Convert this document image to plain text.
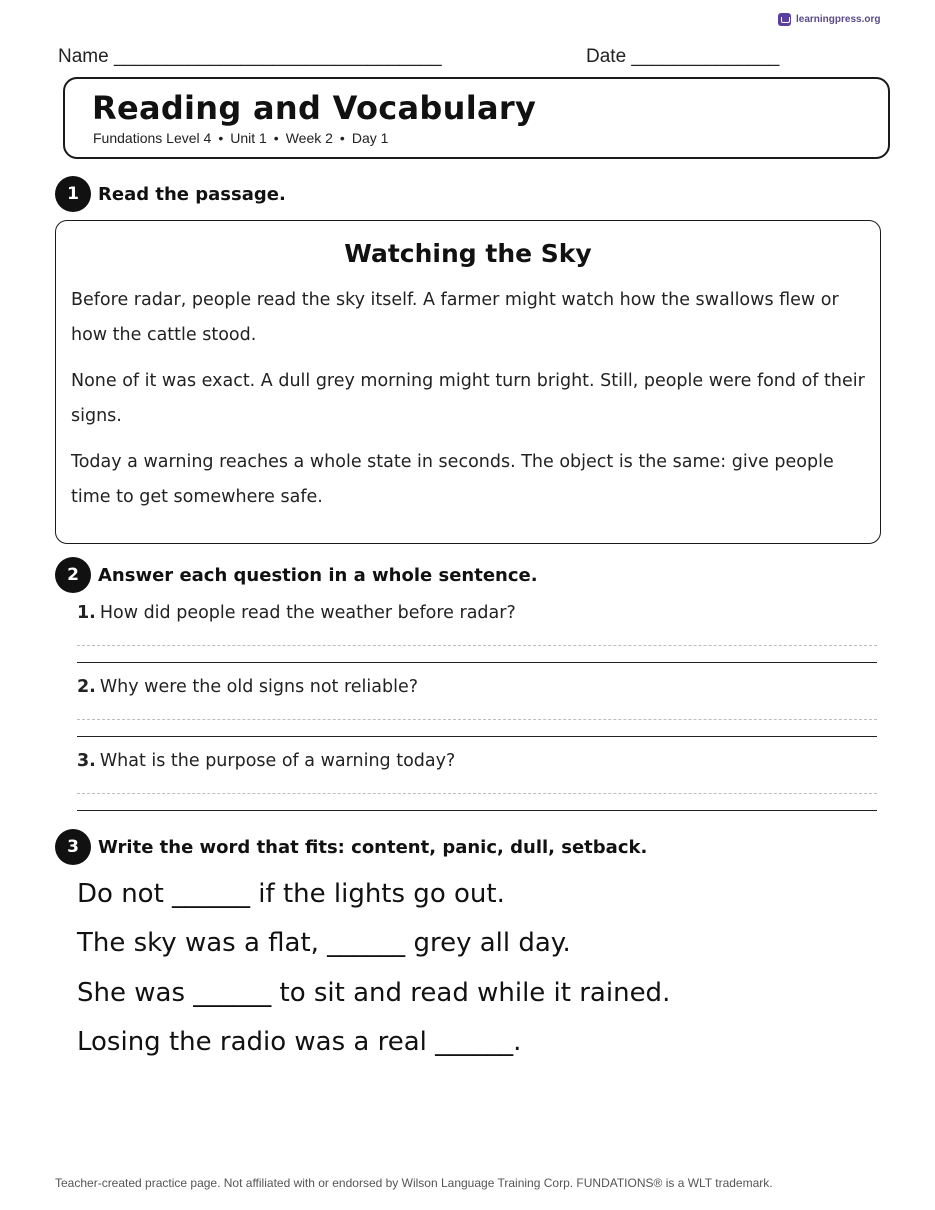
learningpress.org
Name _______________________________	Date ______________
Reading and Vocabulary
Fundations Level 4 • Unit 1 • Week 2 • Day 1
1	Read the passage.
Watching the Sky

Before radar, people read the sky itself. A farmer might watch how the swallows flew or how the cattle stood.

None of it was exact. A dull grey morning might turn bright. Still, people were fond of their signs.

Today a warning reaches a whole state in seconds. The object is the same: give people time to get somewhere safe.

2	Answer each question in a whole sentence.
1. How did people read the weather before radar?
2. Why were the old signs not reliable?
3. What is the purpose of a warning today?
3	Write the word that fits: content, panic, dull, setback.
Do not ______ if the lights go out.
The sky was a flat, ______ grey all day.
She was ______ to sit and read while it rained.
Losing the radio was a real ______.
Teacher-created practice page. Not affiliated with or endorsed by Wilson Language Training Corp. FUNDATIONS® is a WLT trademark.
